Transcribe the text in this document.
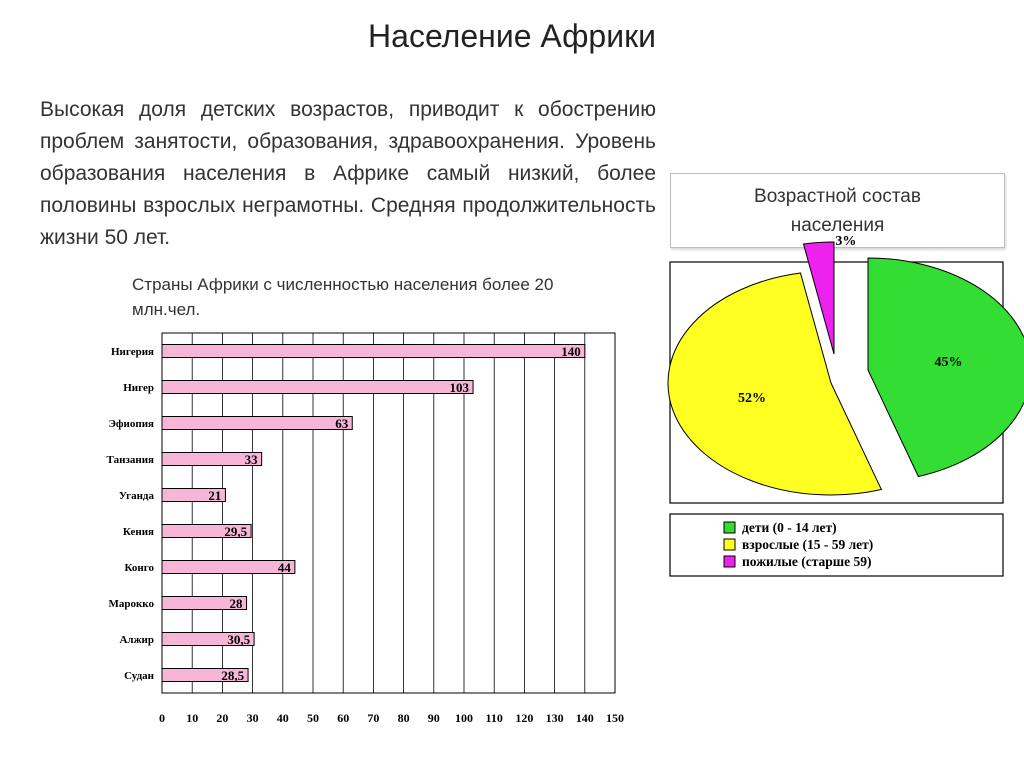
Население Африки
Высокая доля детских возрастов, приводит к обострению проблем занятости, образования, здравоохранения. Уровень образования населения в Африке самый низкий, более половины взрослых неграмотны. Средняя продолжительность жизни 50 лет.
Страны Африки с численностью населения более 20 млн.чел.
Возрастной состав населения
0 10 20 30 40 50 60 70 80 90 100 110 120 130 140 150
Нигерия	140
Нигер	103
Эфиопия	63
Танзания	33
Уганда	21
Кения	29,5
Конго	44
Марокко	28
Алжир	30,5
Судан	28,5
45%
52%
3%
дети (0 - 14 лет)
взрослые (15 - 59 лет)
пожилые (старше 59)
